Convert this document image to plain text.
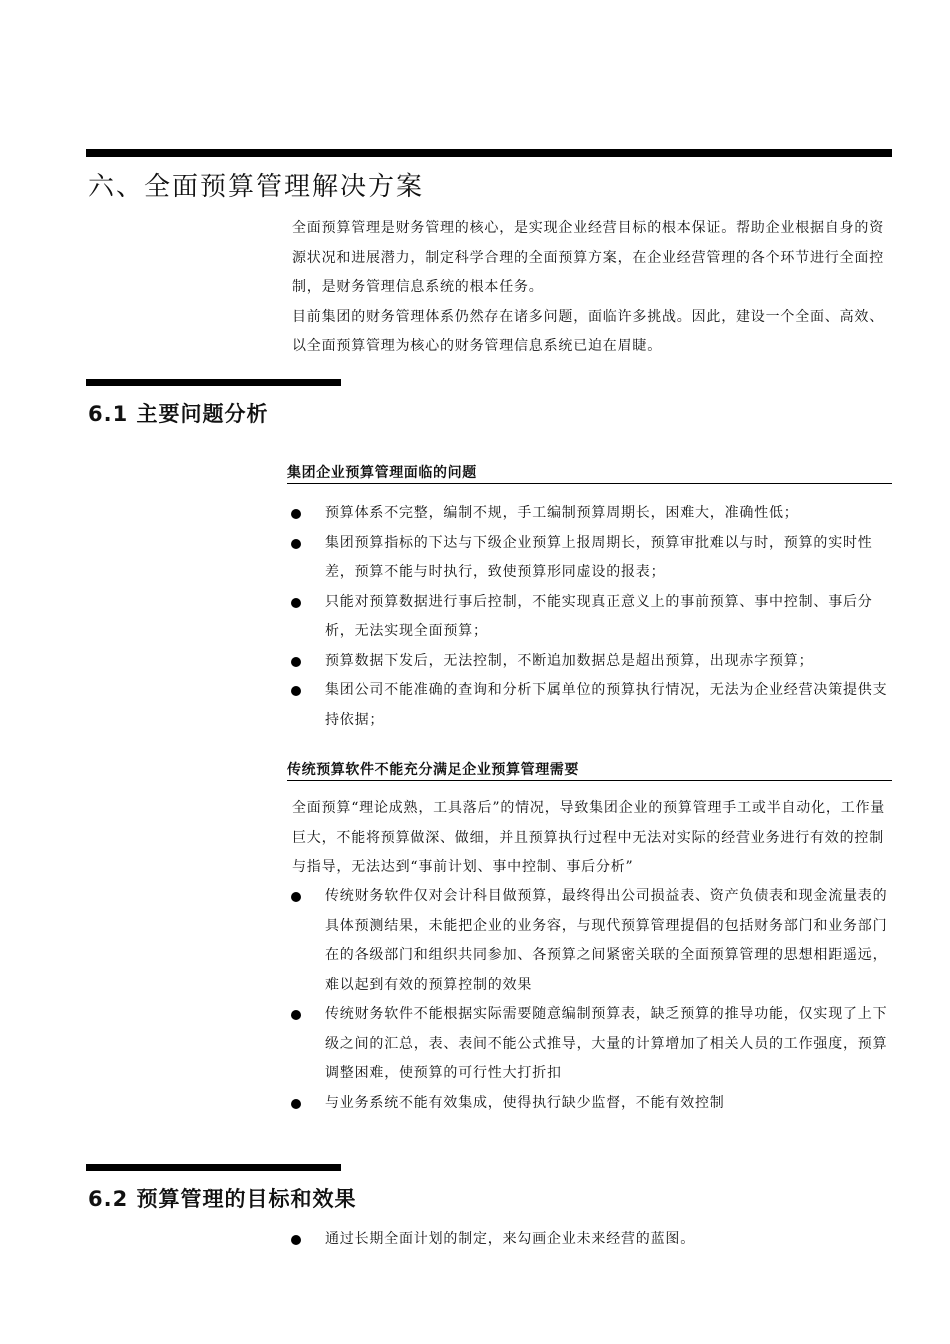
六、全面预算管理解决方案

全面预算管理是财务管理的核心，是实现企业经营目标的根本保证。帮助企业根据自身的资源状况和进展潜力，制定科学合理的全面预算方案，在企业经营管理的各个环节进行全面控制，是财务管理信息系统的根本任务。

目前集团的财务管理体系仍然存在诸多问题，面临许多挑战。因此，建设一个全面、高效、以全面预算管理为核心的财务管理信息系统已迫在眉睫。

6.1 主要问题分析
集团企业预算管理面临的问题
预算体系不完整，编制不规，手工编制预算周期长，困难大，准确性低；
集团预算指标的下达与下级企业预算上报周期长，预算审批难以与时，预算的实时性差，预算不能与时执行，致使预算形同虚设的报表；
只能对预算数据进行事后控制，不能实现真正意义上的事前预算、事中控制、事后分析，无法实现全面预算；
预算数据下发后，无法控制，不断追加数据总是超出预算，出现赤字预算；
集团公司不能准确的查询和分析下属单位的预算执行情况，无法为企业经营决策提供支持依据；
传统预算软件不能充分满足企业预算管理需要

全面预算“理论成熟，工具落后”的情况，导致集团企业的预算管理手工或半自动化，工作量巨大，不能将预算做深、做细，并且预算执行过程中无法对实际的经营业务进行有效的控制与指导，无法达到“事前计划、事中控制、事后分析”

传统财务软件仅对会计科目做预算，最终得出公司损益表、资产负债表和现金流量表的具体预测结果，未能把企业的业务容，与现代预算管理提倡的包括财务部门和业务部门在的各级部门和组织共同参加、各预算之间紧密关联的全面预算管理的思想相距遥远，难以起到有效的预算控制的效果
传统财务软件不能根据实际需要随意编制预算表，缺乏预算的推导功能，仅实现了上下级之间的汇总，表、表间不能公式推导，大量的计算增加了相关人员的工作强度，预算调整困难，使预算的可行性大打折扣
与业务系统不能有效集成，使得执行缺少监督，不能有效控制
6.2 预算管理的目标和效果
通过长期全面计划的制定，来勾画企业未来经营的蓝图。
